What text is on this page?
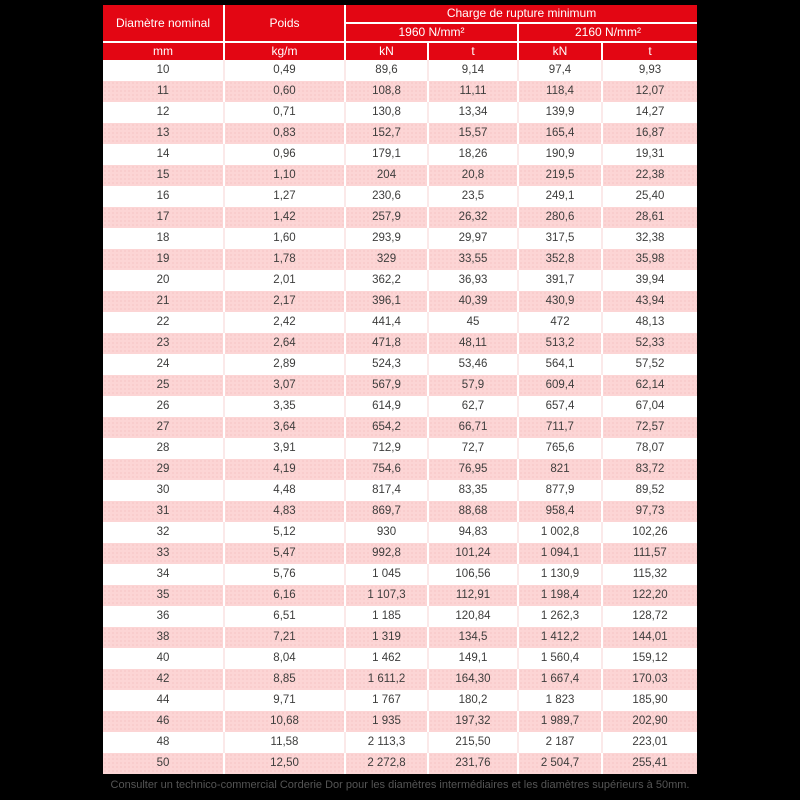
Diamètre nominal	Poids	Charge de rupture minimum			
		1960 N/mm²		2160 N/mm²	
mm	kg/m	kN	t	kN	t
10	0,49	89,6	9,14	97,4	9,93
11	0,60	108,8	11,11	118,4	12,07
12	0,71	130,8	13,34	139,9	14,27
13	0,83	152,7	15,57	165,4	16,87
14	0,96	179,1	18,26	190,9	19,31
15	1,10	204	20,8	219,5	22,38
16	1,27	230,6	23,5	249,1	25,40
17	1,42	257,9	26,32	280,6	28,61
18	1,60	293,9	29,97	317,5	32,38
19	1,78	329	33,55	352,8	35,98
20	2,01	362,2	36,93	391,7	39,94
21	2,17	396,1	40,39	430,9	43,94
22	2,42	441,4	45	472	48,13
23	2,64	471,8	48,11	513,2	52,33
24	2,89	524,3	53,46	564,1	57,52
25	3,07	567,9	57,9	609,4	62,14
26	3,35	614,9	62,7	657,4	67,04
27	3,64	654,2	66,71	711,7	72,57
28	3,91	712,9	72,7	765,6	78,07
29	4,19	754,6	76,95	821	83,72
30	4,48	817,4	83,35	877,9	89,52
31	4,83	869,7	88,68	958,4	97,73
32	5,12	930	94,83	1 002,8	102,26
33	5,47	992,8	101,24	1 094,1	111,57
34	5,76	1 045	106,56	1 130,9	115,32
35	6,16	1 107,3	112,91	1 198,4	122,20
36	6,51	1 185	120,84	1 262,3	128,72
38	7,21	1 319	134,5	1 412,2	144,01
40	8,04	1 462	149,1	1 560,4	159,12
42	8,85	1 611,2	164,30	1 667,4	170,03
44	9,71	1 767	180,2	1 823	185,90
46	10,68	1 935	197,32	1 989,7	202,90
48	11,58	2 113,3	215,50	2 187	223,01
50	12,50	2 272,8	231,76	2 504,7	255,41
Consulter un technico-commercial Corderie Dor pour les diamètres intermédiaires et les diamètres supérieurs à 50mm.
